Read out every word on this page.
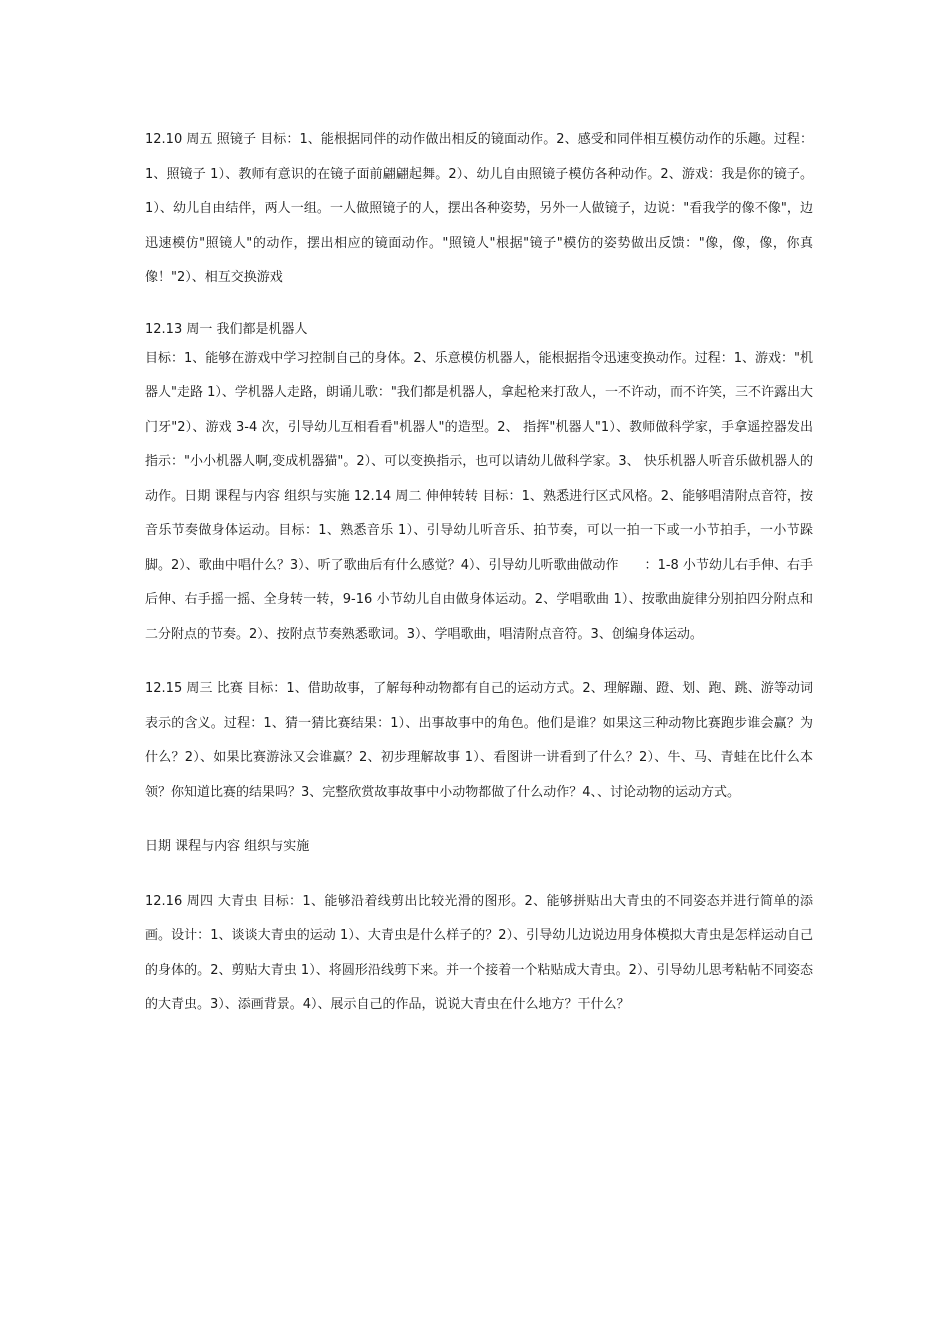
12.10 周五 照镜子 目标：1、能根据同伴的动作做出相反的镜面动作。2、感受和同伴相互模仿动作的乐趣。过程：1、照镜子 1）、教师有意识的在镜子面前翩翩起舞。2）、幼儿自由照镜子模仿各种动作。2、游戏：我是你的镜子。1）、幼儿自由结伴，两人一组。一人做照镜子的人，摆出各种姿势，另外一人做镜子，边说："看我学的像不像"，边迅速模仿"照镜人"的动作，摆出相应的镜面动作。"照镜人"根据"镜子"模仿的姿势做出反馈："像，像，像，你真像！"2）、相互交换游戏

12.13 周一 我们都是机器人

目标：1、能够在游戏中学习控制自己的身体。2、乐意模仿机器人，能根据指令迅速变换动作。过程：1、游戏："机器人"走路 1）、学机器人走路，朗诵儿歌："我们都是机器人，拿起枪来打敌人，一不许动，而不许笑，三不许露出大门牙"2）、游戏 3-4 次，引导幼儿互相看看"机器人"的造型。2、 指挥"机器人"1）、教师做科学家，手拿遥控器发出指示："小小机器人啊,变成机器猫"。2）、可以变换指示，也可以请幼儿做科学家。3、 快乐机器人听音乐做机器人的动作。日期 课程与内容 组织与实施 12.14 周二 伸伸转转 目标：1、熟悉进行区式风格。2、能够唱清附点音符，按音乐节奏做身体运动。目标：1、熟悉音乐 1）、引导幼儿听音乐、拍节奏，可以一拍一下或一小节拍手，一小节跺脚。2）、歌曲中唱什么？3）、听了歌曲后有什么感觉？4）、引导幼儿听歌曲做动作　　：1-8 小节幼儿右手伸、右手后伸、右手摇一摇、全身转一转，9-16 小节幼儿自由做身体运动。2、学唱歌曲 1）、按歌曲旋律分别拍四分附点和二分附点的节奏。2）、按附点节奏熟悉歌词。3）、学唱歌曲，唱清附点音符。3、创编身体运动。

12.15 周三 比赛 目标：1、借助故事，了解每种动物都有自己的运动方式。2、理解蹦、蹬、划、跑、跳、游等动词表示的含义。过程：1、猜一猜比赛结果：1）、出事故事中的角色。他们是谁？如果这三种动物比赛跑步谁会赢？为什么？2）、如果比赛游泳又会谁赢？2、初步理解故事 1）、看图讲一讲看到了什么？2）、牛、马、青蛙在比什么本领？你知道比赛的结果吗？3、完整欣赏故事故事中小动物都做了什么动作？4、、讨论动物的运动方式。

日期 课程与内容 组织与实施

12.16 周四 大青虫 目标：1、能够沿着线剪出比较光滑的图形。2、能够拼贴出大青虫的不同姿态并进行简单的添画。设计：1、谈谈大青虫的运动 1）、大青虫是什么样子的？2）、引导幼儿边说边用身体模拟大青虫是怎样运动自己的身体的。2、剪贴大青虫 1）、将圆形沿线剪下来。并一个接着一个粘贴成大青虫。2）、引导幼儿思考粘帖不同姿态的大青虫。3）、添画背景。4）、展示自己的作品，说说大青虫在什么地方？干什么？
